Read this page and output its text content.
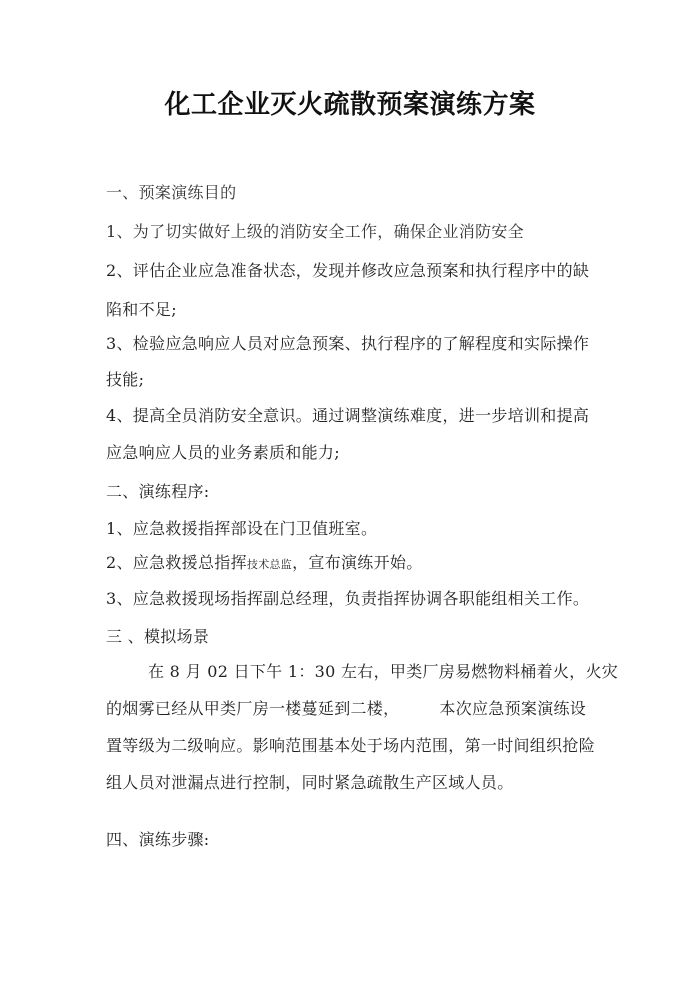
化工企业灭火疏散预案演练方案
一、预案演练目的
1、为了切实做好上级的消防安全工作，确保企业消防安全
2、评估企业应急准备状态，发现并修改应急预案和执行程序中的缺
陷和不足;
3、检验应急响应人员对应急预案、执行程序的了解程度和实际操作
技能;
4、提高全员消防安全意识。通过调整演练难度，进一步培训和提高
应急响应人员的业务素质和能力;
二、演练程序:
1、应急救援指挥部设在门卫值班室。
2、应急救援总指挥技术总监，宣布演练开始。
3、应急救援现场指挥副总经理，负责指挥协调各职能组相关工作。
三 、模拟场景
在 8 月 02 日下午 1：30 左右，甲类厂房易燃物料桶着火，火灾
的烟雾已经从甲类厂房一楼蔓延到二楼，	本次应急预案演练设
置等级为二级响应。影响范围基本处于场内范围，第一时间组织抢险
组人员对泄漏点进行控制，同时紧急疏散生产区域人员。
四、演练步骤:
